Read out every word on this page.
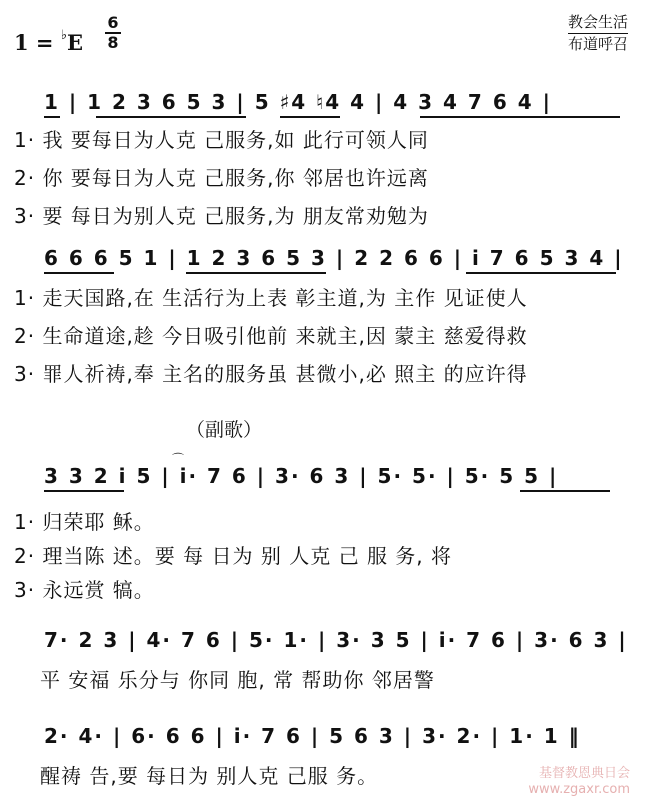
1 = ♭E
6
8
教会生活
布道呼召
1 | 1 2 3 6 5 3 | 5 ♯4 ♮4 4 | 4 3 4 7 6 4 |
1· 我 要每日为人克 己服务,如 此行可领人同
2· 你 要每日为人克 己服务,你 邻居也许远离
3· 要 每日为别人克 己服务,为 朋友常劝勉为
6 6 6 5 1 | 1 2 3 6 5 3 | 2 2 6 6 | i 7 6 5 3 4 |
1· 走天国路,在 生活行为上表 彰主道,为 主作 见证使人
2· 生命道途,趁 今日吸引他前 来就主,因 蒙主 慈爱得救
3· 罪人祈祷,奉 主名的服务虽 甚微小,必 照主 的应许得
（副歌）
3 3 2 i 5 | i· 7 6 | 3· 6 3 | 5· 5· | 5· 5 5 |
⌒
1· 归荣耶 稣。
2· 理当陈 述。要 每 日为 别 人克 己 服 务, 将
3· 永远赏 犒。
7· 2 3 | 4· 7 6 | 5· 1· | 3· 3 5 | i· 7 6 | 3· 6 3 |
平 安福 乐分与 你同 胞, 常 帮助你 邻居警
2· 4· | 6· 6 6 | i· 7 6 | 5 6 3 | 3· 2· | 1· 1 ‖
醒祷 告,要 每日为 别人克 己服 务。	基督教恩典日会
www.zgaxr.com
